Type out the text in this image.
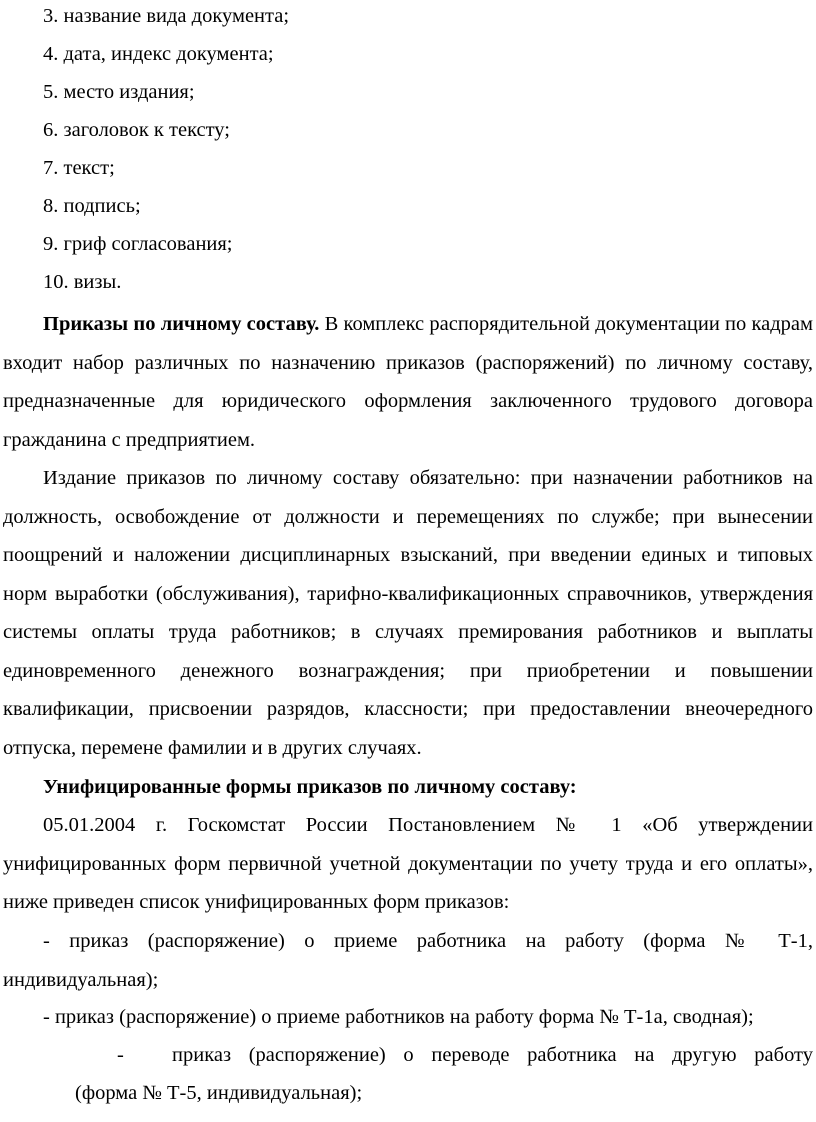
3. название вида документа;
4. дата, индекс документа;
5. место издания;
6. заголовок к тексту;
7. текст;
8. подпись;
9. гриф согласования;
10. визы.
Приказы по личному составу. В комплекс распорядительной документации по кадрам входит набор различных по назначению приказов (распоряжений) по личному составу, предназначенные для юридического оформления заключенного трудового договора гражданина с предприятием.
Издание приказов по личному составу обязательно: при назначении работников на должность, освобождение от должности и перемещениях по службе; при вынесении поощрений и наложении дисциплинарных взысканий, при введении единых и типовых норм выработки (обслуживания), тарифно-квалификационных справочников, утверждения системы оплаты труда работников; в случаях премирования работников и выплаты единовременного денежного вознаграждения; при приобретении и повышении квалификации, присвоении разрядов, классности; при предоставлении внеочередного отпуска, перемене фамилии и в других случаях.
Унифицированные формы приказов по личному составу:
05.01.2004 г. Госкомстат России Постановлением № 1 «Об утверждении унифицированных форм первичной учетной документации по учету труда и его оплаты», ниже приведен список унифицированных форм приказов:
- приказ (распоряжение) о приеме работника на работу (форма № Т-1, индивидуальная);
- приказ (распоряжение) о приеме работников на работу форма № Т-1а, сводная);
- приказ (распоряжение) о переводе работника на другую работу
(форма № Т-5, индивидуальная);
